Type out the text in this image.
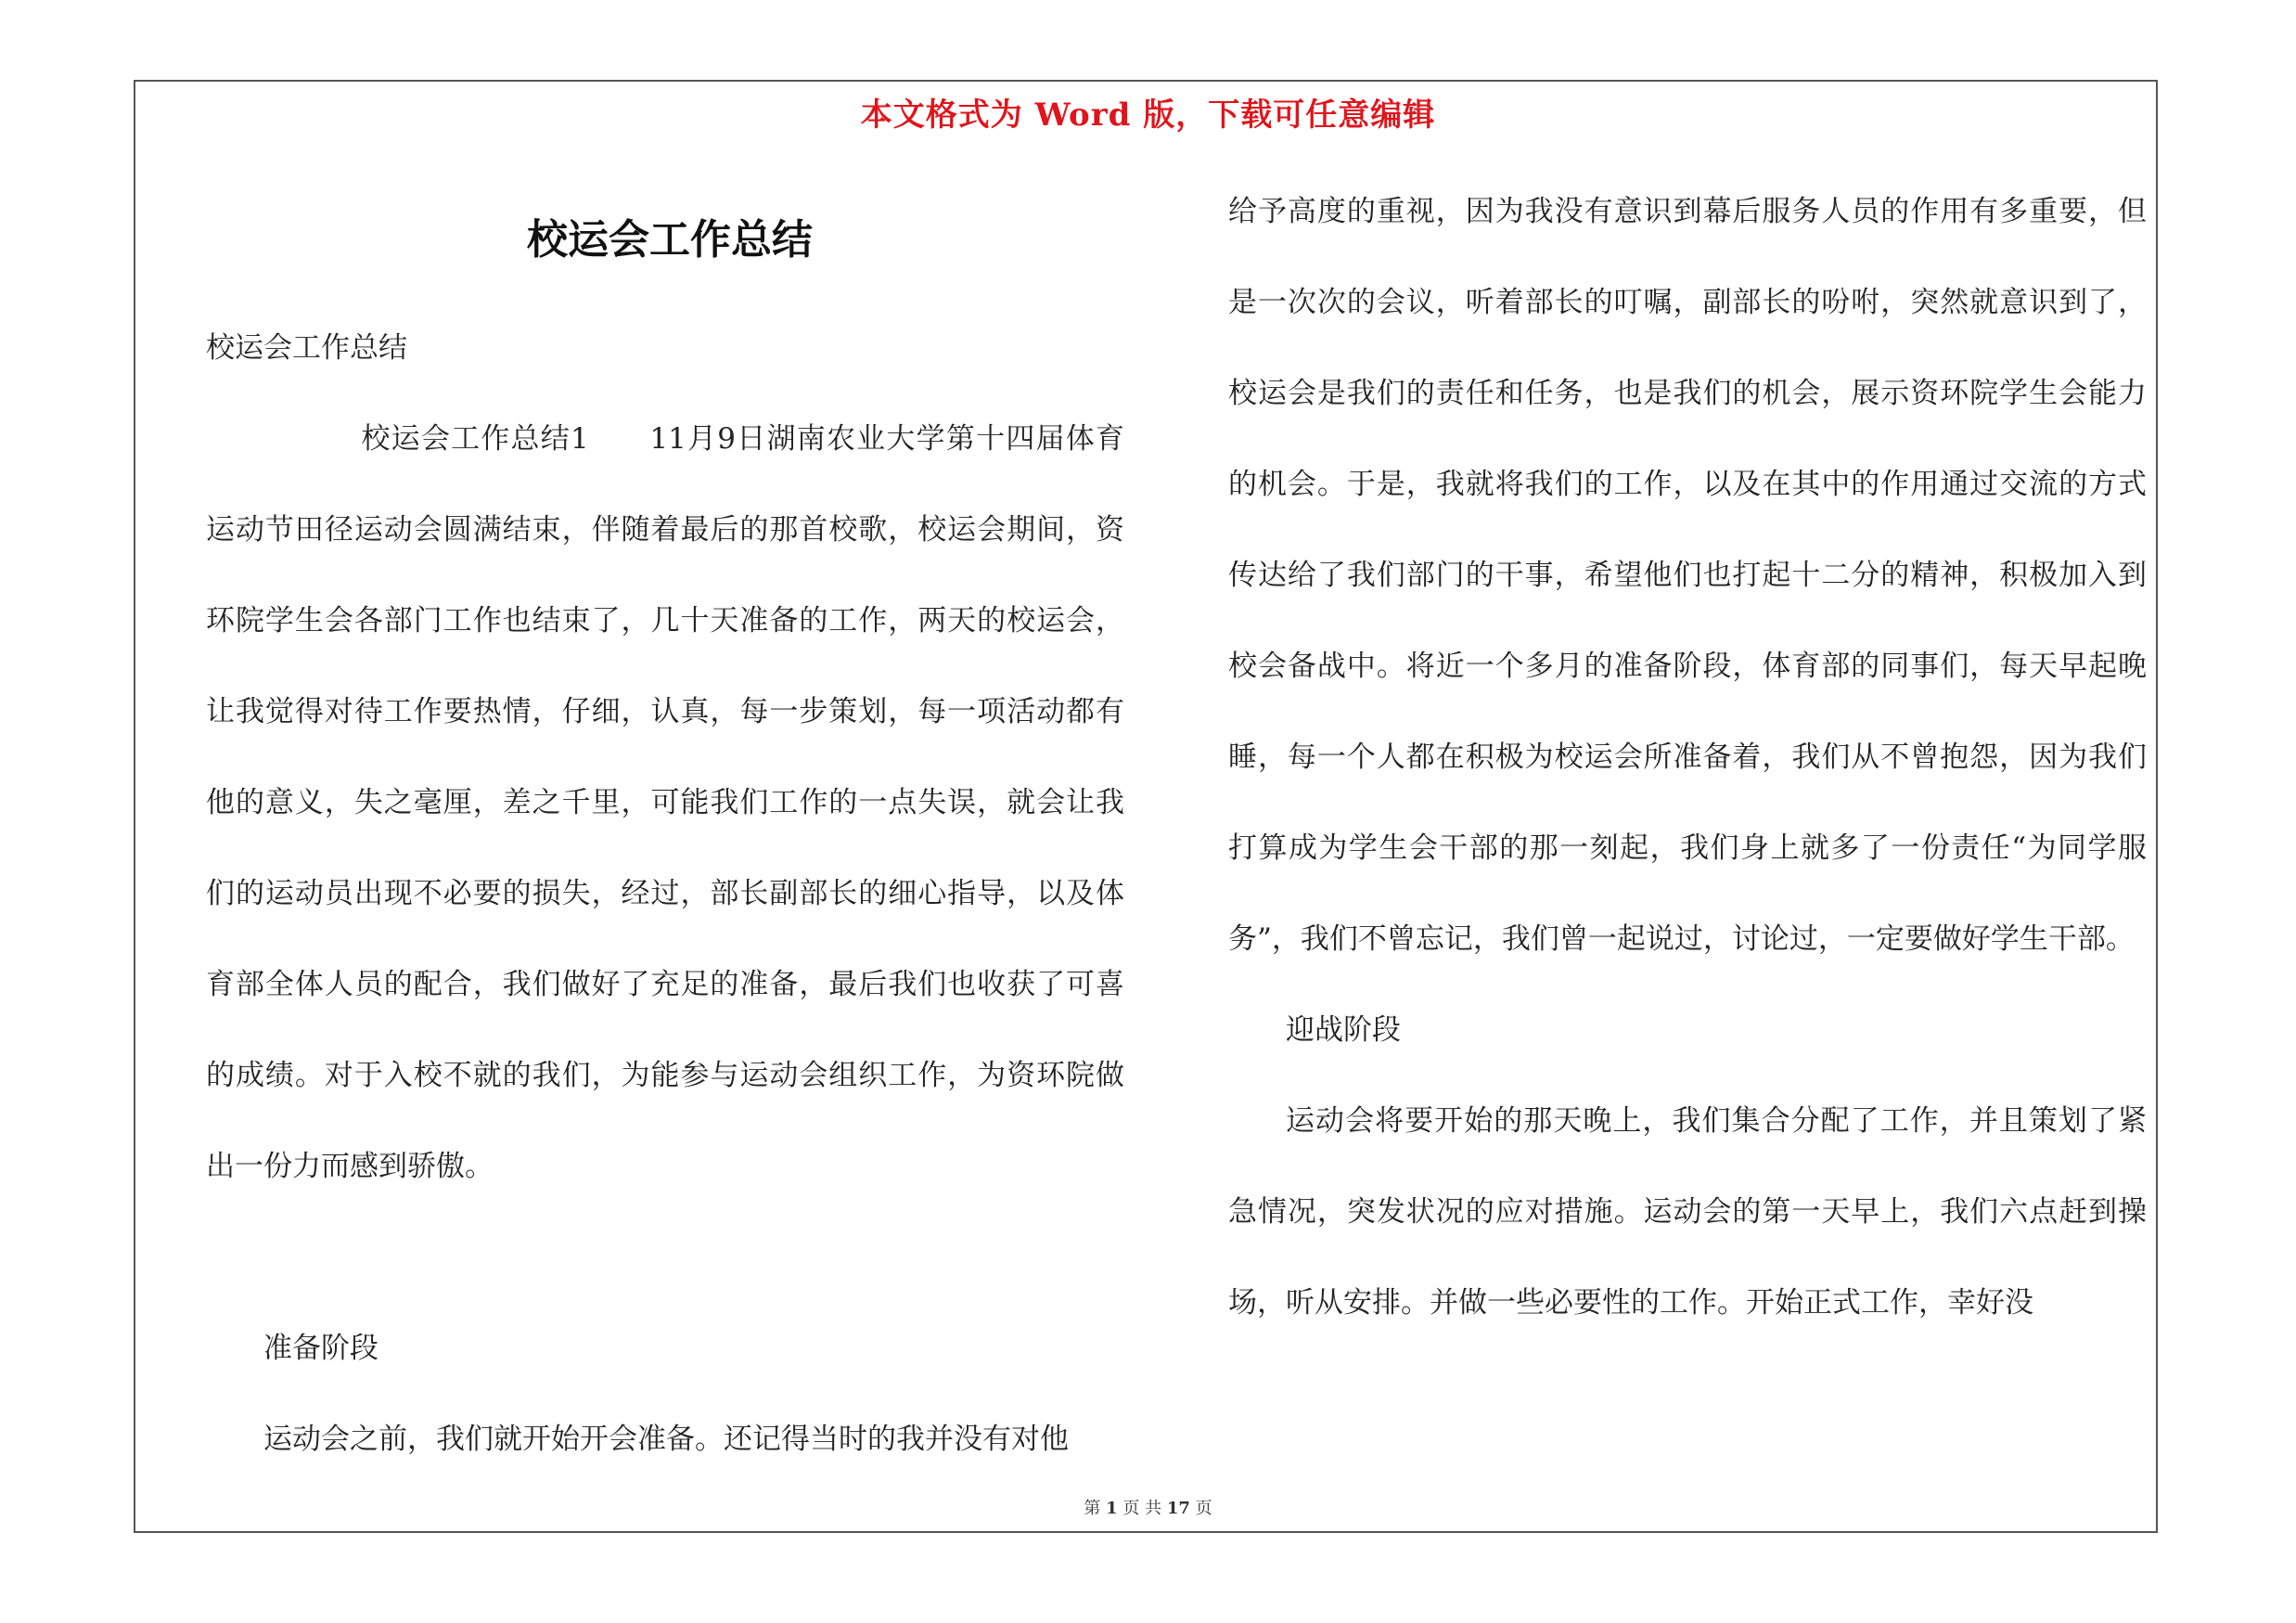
本文格式为 Word 版，下载可任意编辑
校运会工作总结

校运会工作总结

校运会工作总结1　　11月9日湖南农业大学第十四届体育运动节田径运动会圆满结束，伴随着最后的那首校歌，校运会期间，资环院学生会各部门工作也结束了，几十天准备的工作，两天的校运会，让我觉得对待工作要热情，仔细，认真，每一步策划，每一项活动都有他的意义，失之毫厘，差之千里，可能我们工作的一点失误，就会让我们的运动员出现不必要的损失，经过，部长副部长的细心指导，以及体育部全体人员的配合，我们做好了充足的准备，最后我们也收获了可喜的成绩。对于入校不就的我们，为能参与运动会组织工作，为资环院做出一份力而感到骄傲。

准备阶段

运动会之前，我们就开始开会准备。还记得当时的我并没有对他

给予高度的重视，因为我没有意识到幕后服务人员的作用有多重要，但是一次次的会议，听着部长的叮嘱，副部长的吩咐，突然就意识到了，校运会是我们的责任和任务，也是我们的机会，展示资环院学生会能力的机会。于是，我就将我们的工作，以及在其中的作用通过交流的方式传达给了我们部门的干事，希望他们也打起十二分的精神，积极加入到校会备战中。将近一个多月的准备阶段，体育部的同事们，每天早起晚睡，每一个人都在积极为校运会所准备着，我们从不曾抱怨，因为我们打算成为学生会干部的那一刻起，我们身上就多了一份责任“为同学服务”，我们不曾忘记，我们曾一起说过，讨论过，一定要做好学生干部。

迎战阶段

运动会将要开始的那天晚上，我们集合分配了工作，并且策划了紧急情况，突发状况的应对措施。运动会的第一天早上，我们六点赶到操场，听从安排。并做一些必要性的工作。开始正式工作，幸好没

第 1 页 共 17 页
